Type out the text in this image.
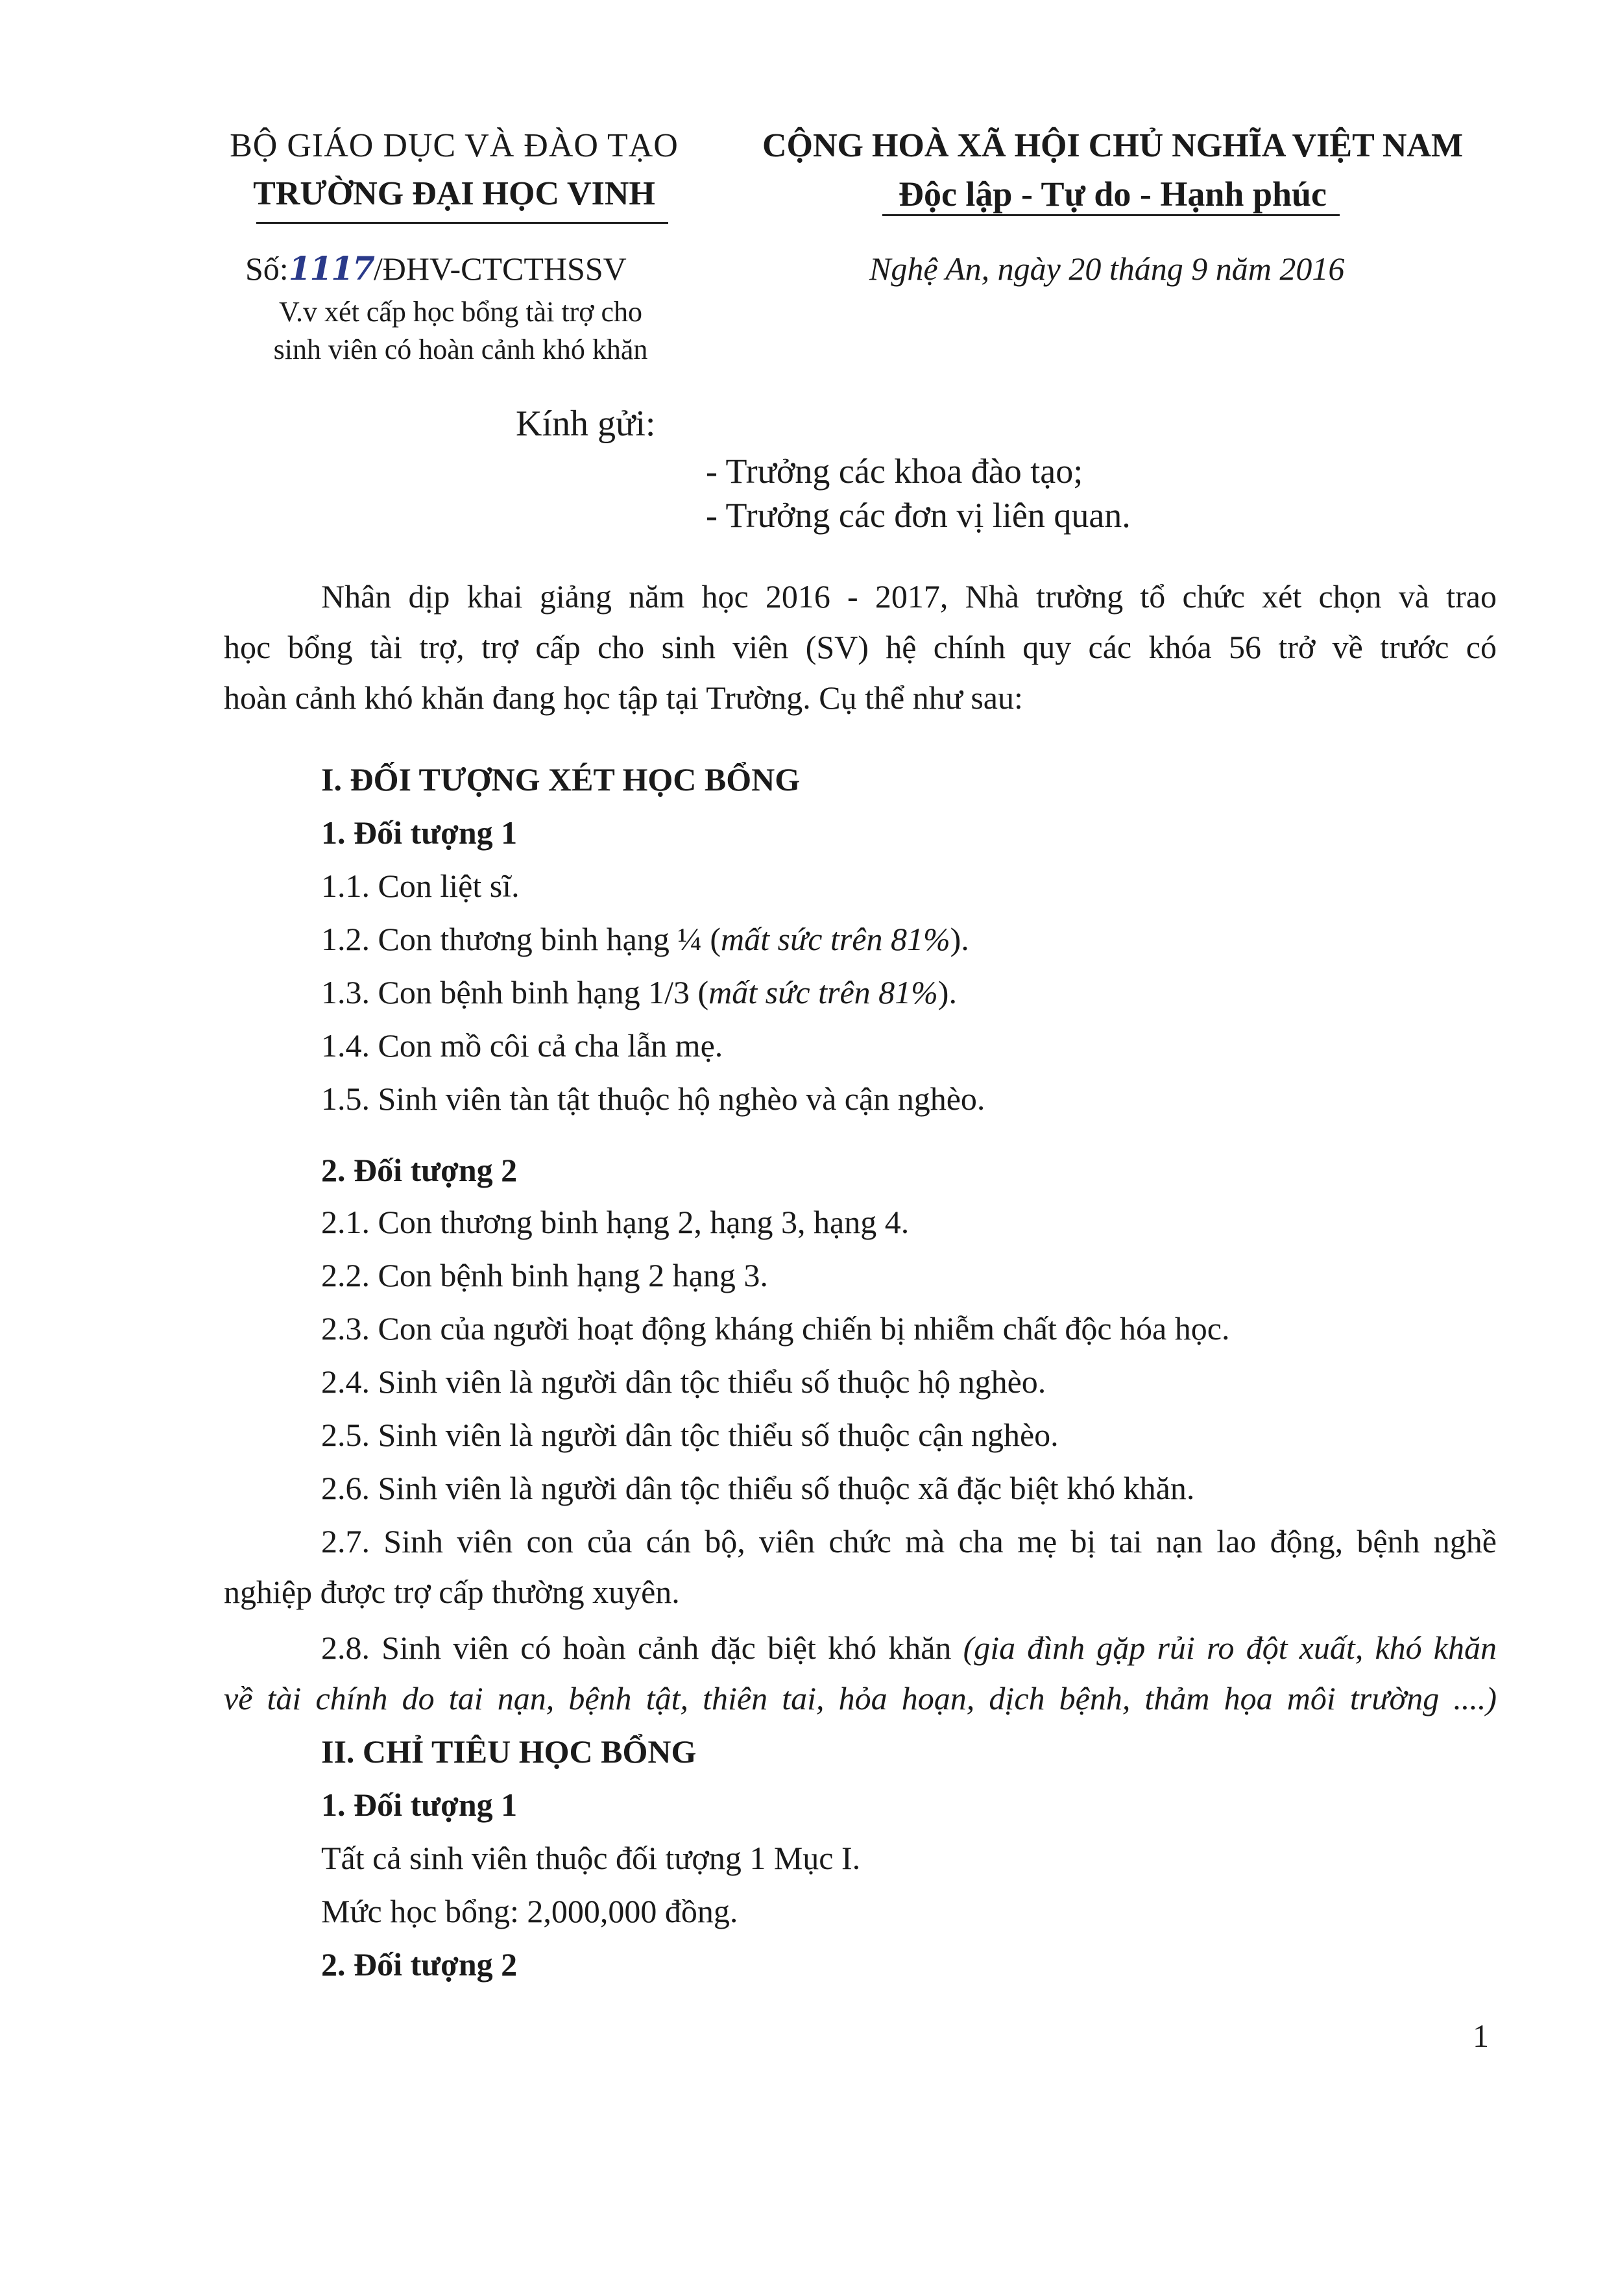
BỘ GIÁO DỤC VÀ ĐÀO TẠO
TRƯỜNG ĐẠI HỌC VINH
CỘNG HOÀ XÃ HỘI CHỦ NGHĨA VIỆT NAM
Độc lập - Tự do - Hạnh phúc
Số:1117/ĐHV-CTCTHSSV	Nghệ An, ngày 20 tháng 9 năm 2016
V.v xét cấp học bổng tài trợ cho
sinh viên có hoàn cảnh khó khăn
Kính gửi:
- Trưởng các khoa đào tạo;
- Trưởng các đơn vị liên quan.
Nhân dịp khai giảng năm học 2016 - 2017, Nhà trường tổ chức xét chọn và trao
học bổng tài trợ, trợ cấp cho sinh viên (SV) hệ chính quy các khóa 56 trở về trước có
hoàn cảnh khó khăn đang học tập tại Trường. Cụ thể như sau:
I. ĐỐI TƯỢNG XÉT HỌC BỔNG
1. Đối tượng 1
1.1. Con liệt sĩ.
1.2. Con thương binh hạng ¼ (mất sức trên 81%).
1.3. Con bệnh binh hạng 1/3 (mất sức trên 81%).
1.4. Con mồ côi cả cha lẫn mẹ.
1.5. Sinh viên tàn tật thuộc hộ nghèo và cận nghèo.
2. Đối tượng 2
2.1. Con thương binh hạng 2, hạng 3, hạng 4.
2.2. Con bệnh binh hạng 2 hạng 3.
2.3. Con của người hoạt động kháng chiến bị nhiễm chất độc hóa học.
2.4. Sinh viên là người dân tộc thiểu số thuộc hộ nghèo.
2.5. Sinh viên là người dân tộc thiểu số thuộc cận nghèo.
2.6. Sinh viên là người dân tộc thiểu số thuộc xã đặc biệt khó khăn.
2.7. Sinh viên con của cán bộ, viên chức mà cha mẹ bị tai nạn lao động, bệnh nghề
nghiệp được trợ cấp thường xuyên.
2.8. Sinh viên có hoàn cảnh đặc biệt khó khăn (gia đình gặp rủi ro đột xuất, khó khăn
về tài chính do tai nạn, bệnh tật, thiên tai, hỏa hoạn, dịch bệnh, thảm họa môi trường ....)
II. CHỈ TIÊU HỌC BỔNG
1. Đối tượng 1
Tất cả sinh viên thuộc đối tượng 1 Mục I.
Mức học bổng: 2,000,000 đồng.
2. Đối tượng 2
1
